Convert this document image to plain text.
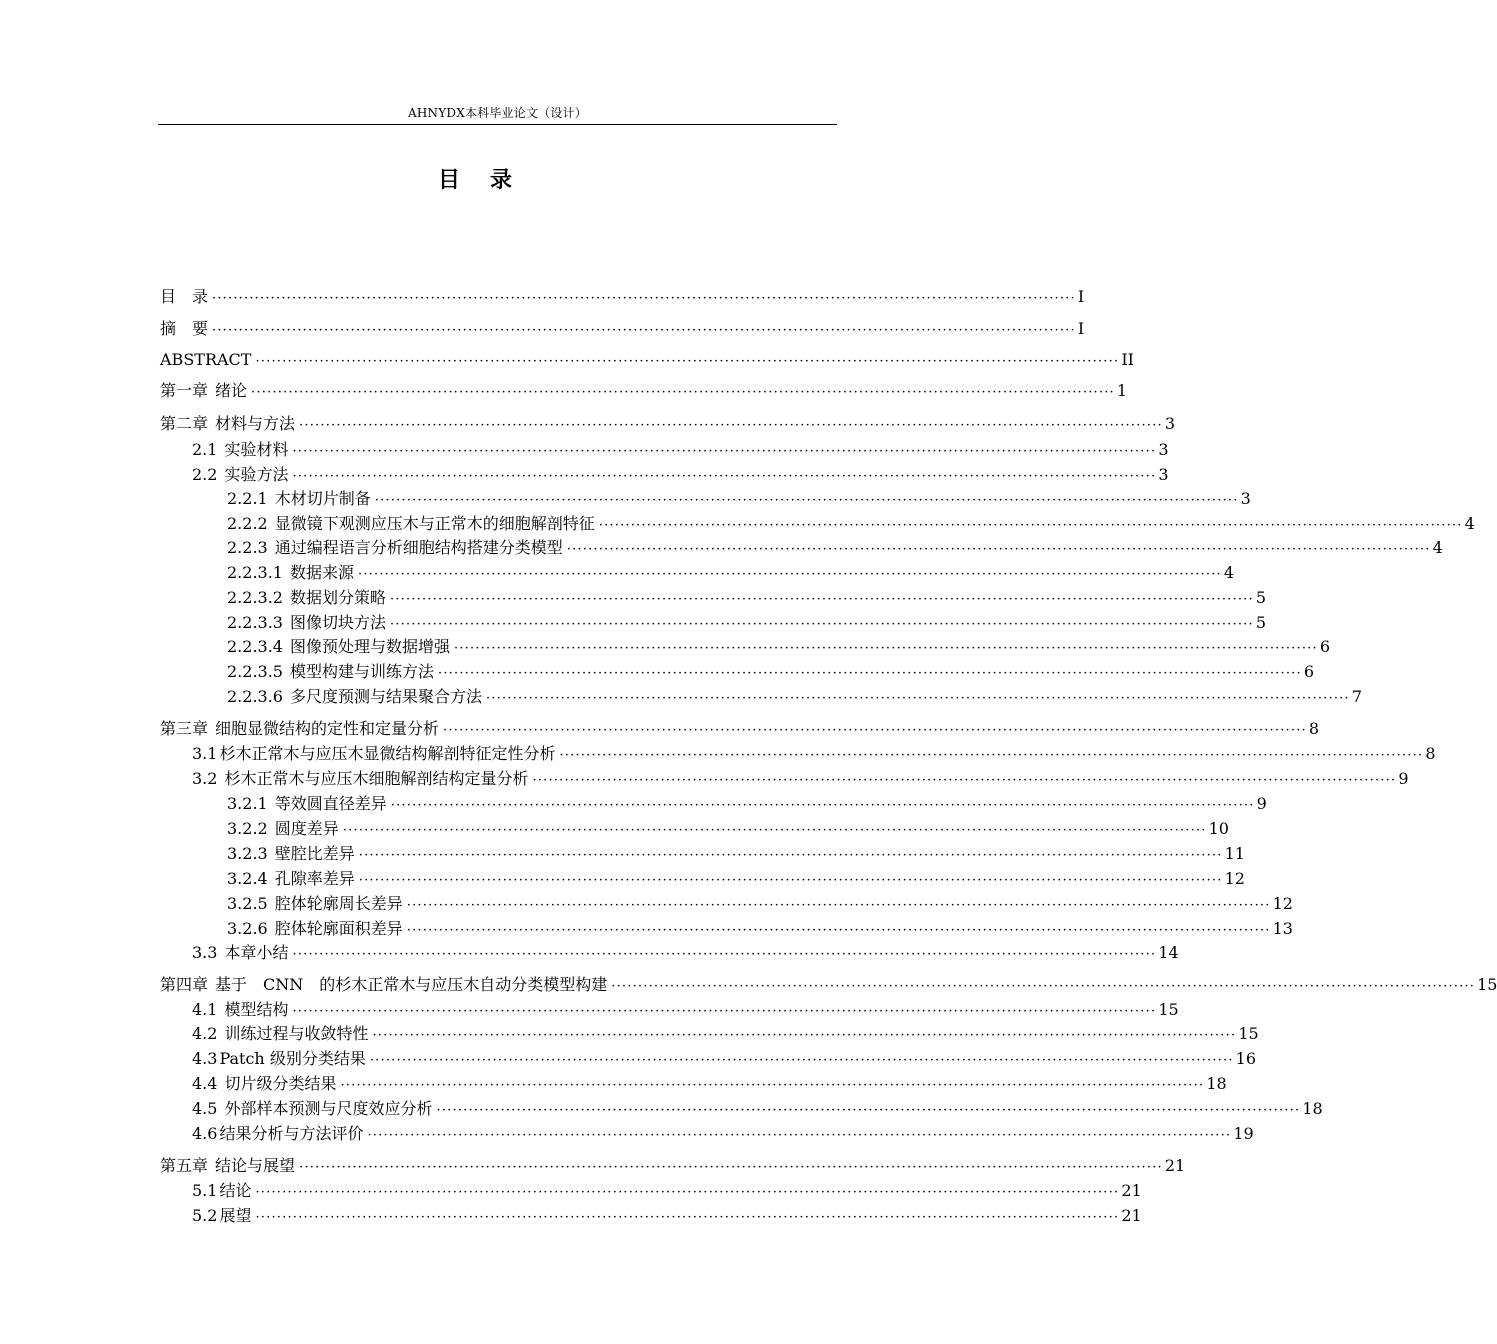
AHNYDX本科毕业论文（设计）
目 录
目　录 ·································································································································································· I
摘　要 ·································································································································································· I
ABSTRACT ·································································································································································· II
第一章 绪论 ·································································································································································· 1
第二章 材料与方法 ·································································································································································· 3
2.1 实验材料 ·································································································································································· 3
2.2 实验方法 ·································································································································································· 3
2.2.1 木材切片制备 ·································································································································································· 3
2.2.2 显微镜下观测应压木与正常木的细胞解剖特征 ·································································································································································· 4
2.2.3 通过编程语言分析细胞结构搭建分类模型 ·································································································································································· 4
2.2.3.1 数据来源 ·································································································································································· 4
2.2.3.2 数据划分策略 ·································································································································································· 5
2.2.3.3 图像切块方法 ·································································································································································· 5
2.2.3.4 图像预处理与数据增强 ·································································································································································· 6
2.2.3.5 模型构建与训练方法 ·································································································································································· 6
2.2.3.6 多尺度预测与结果聚合方法 ·································································································································································· 7
第三章 细胞显微结构的定性和定量分析 ·································································································································································· 8
3.1 杉木正常木与应压木显微结构解剖特征定性分析 ·································································································································································· 8
3.2 杉木正常木与应压木细胞解剖结构定量分析 ·································································································································································· 9
3.2.1 等效圆直径差异 ·································································································································································· 9
3.2.2 圆度差异 ·································································································································································· 10
3.2.3 壁腔比差异 ·································································································································································· 11
3.2.4 孔隙率差异 ·································································································································································· 12
3.2.5 腔体轮廓周长差异 ·································································································································································· 12
3.2.6 腔体轮廓面积差异 ·································································································································································· 13
3.3 本章小结 ·································································································································································· 14
第四章 基于　CNN　的杉木正常木与应压木自动分类模型构建 ·································································································································································· 15
4.1 模型结构 ·································································································································································· 15
4.2 训练过程与收敛特性 ·································································································································································· 15
4.3 Patch 级别分类结果 ·································································································································································· 16
4.4 切片级分类结果 ·································································································································································· 18
4.5 外部样本预测与尺度效应分析 ·································································································································································· 18
4.6 结果分析与方法评价 ·································································································································································· 19
第五章 结论与展望 ·································································································································································· 21
5.1 结论 ·································································································································································· 21
5.2 展望 ·································································································································································· 21
